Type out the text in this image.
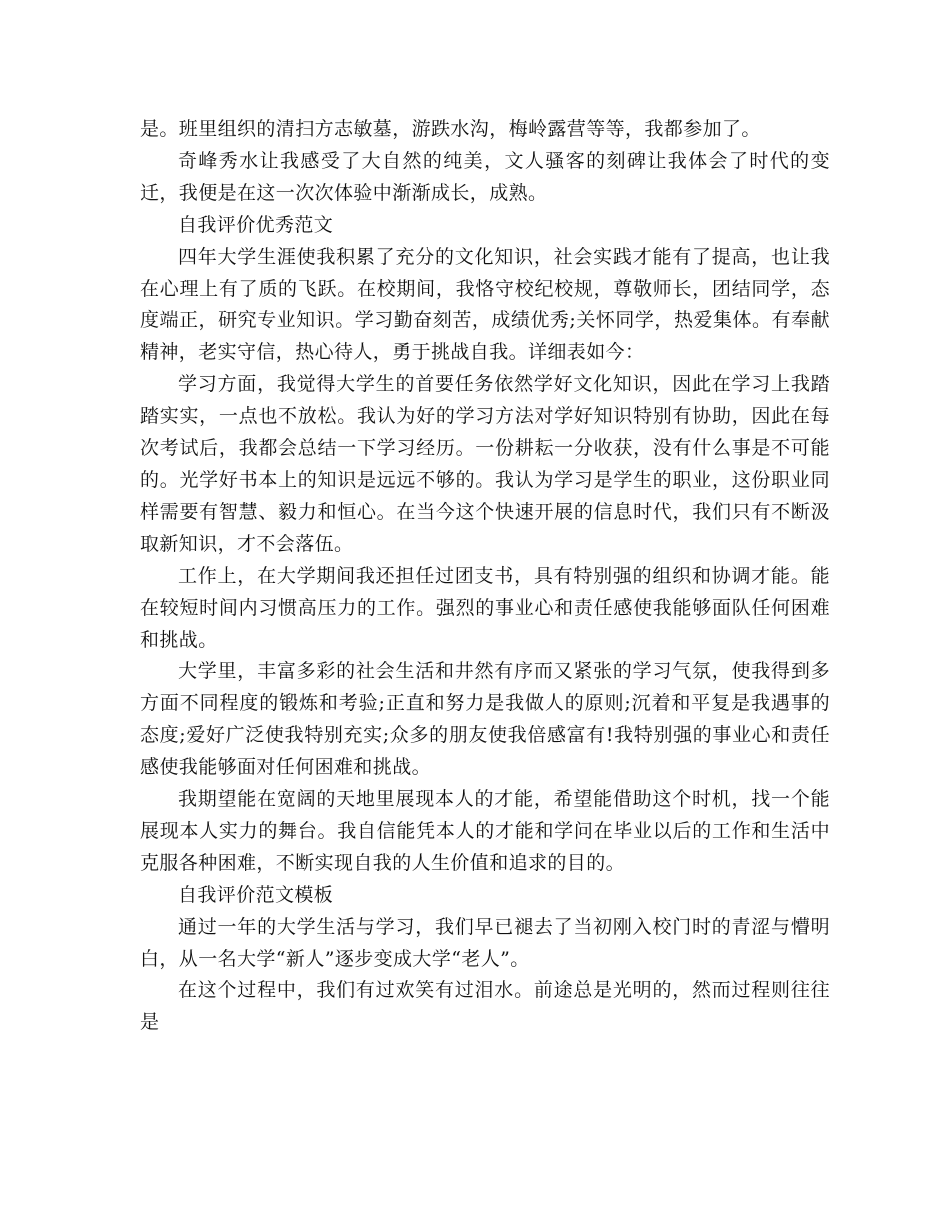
是。班里组织的清扫方志敏墓，游跌水沟，梅岭露营等等，我都参加了。

奇峰秀水让我感受了大自然的纯美，文人骚客的刻碑让我体会了时代的变迁，我便是在这一次次体验中渐渐成长，成熟。

自我评价优秀范文

四年大学生涯使我积累了充分的文化知识，社会实践才能有了提高，也让我在心理上有了质的飞跃。在校期间，我恪守校纪校规，尊敬师长，团结同学，态度端正，研究专业知识。学习勤奋刻苦，成绩优秀;关怀同学，热爱集体。有奉献精神，老实守信，热心待人，勇于挑战自我。详细表如今：

学习方面，我觉得大学生的首要任务依然学好文化知识，因此在学习上我踏踏实实，一点也不放松。我认为好的学习方法对学好知识特别有协助，因此在每次考试后，我都会总结一下学习经历。一份耕耘一分收获，没有什么事是不可能的。光学好书本上的知识是远远不够的。我认为学习是学生的职业，这份职业同样需要有智慧、毅力和恒心。在当今这个快速开展的信息时代，我们只有不断汲取新知识，才不会落伍。

工作上，在大学期间我还担任过团支书，具有特别强的组织和协调才能。能在较短时间内习惯高压力的工作。强烈的事业心和责任感使我能够面队任何困难和挑战。

大学里，丰富多彩的社会生活和井然有序而又紧张的学习气氛，使我得到多方面不同程度的锻炼和考验;正直和努力是我做人的原则;沉着和平复是我遇事的态度;爱好广泛使我特别充实;众多的朋友使我倍感富有!我特别强的事业心和责任感使我能够面对任何困难和挑战。

我期望能在宽阔的天地里展现本人的才能，希望能借助这个时机，找一个能展现本人实力的舞台。我自信能凭本人的才能和学问在毕业以后的工作和生活中克服各种困难，不断实现自我的人生价值和追求的目的。

自我评价范文模板

通过一年的大学生活与学习，我们早已褪去了当初刚入校门时的青涩与懵明白，从一名大学“新人”逐步变成大学“老人”。

在这个过程中，我们有过欢笑有过泪水。前途总是光明的，然而过程则往往是
